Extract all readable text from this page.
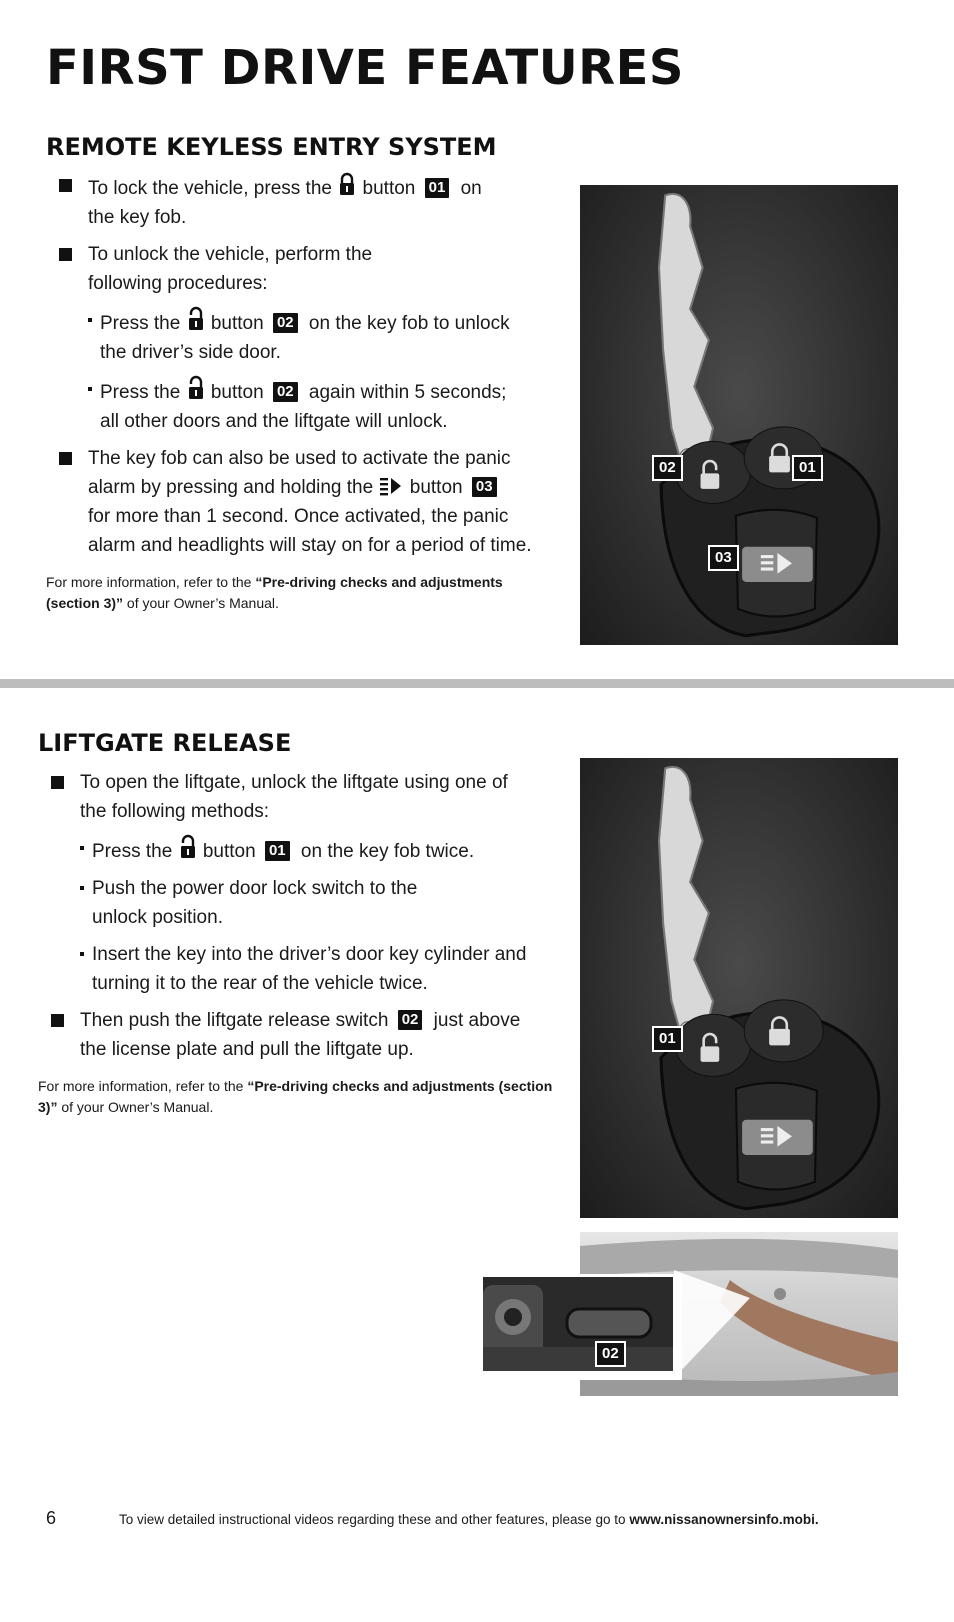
FIRST DRIVE FEATURES
REMOTE KEYLESS ENTRY SYSTEM
To lock the vehicle, press the button 01 on
the key fob.
To unlock the vehicle, perform the
following procedures:
Press the button 02 on the key fob to unlock
the driver’s side door.
Press the button 02 again within 5 seconds;
all other doors and the liftgate will unlock.
The key fob can also be used to activate the panic
alarm by pressing and holding the button 03
for more than 1 second. Once activated, the panic
alarm and headlights will stay on for a period of time.
For more information, refer to the “Pre-driving checks and adjustments (section 3)” of your Owner’s Manual.
02	01
03
LIFTGATE RELEASE
To open the liftgate, unlock the liftgate using one of
the following methods:
Press the button 01 on the key fob twice.
Push the power door lock switch to the
unlock position.
Insert the key into the driver’s door key cylinder and
turning it to the rear of the vehicle twice.
Then push the liftgate release switch 02 just above
the license plate and pull the liftgate up.
For more information, refer to the “Pre-driving checks and adjustments (section 3)” of your Owner’s Manual.
01
02
6	To view detailed instructional videos regarding these and other features, please go to www.nissanownersinfo.mobi.
